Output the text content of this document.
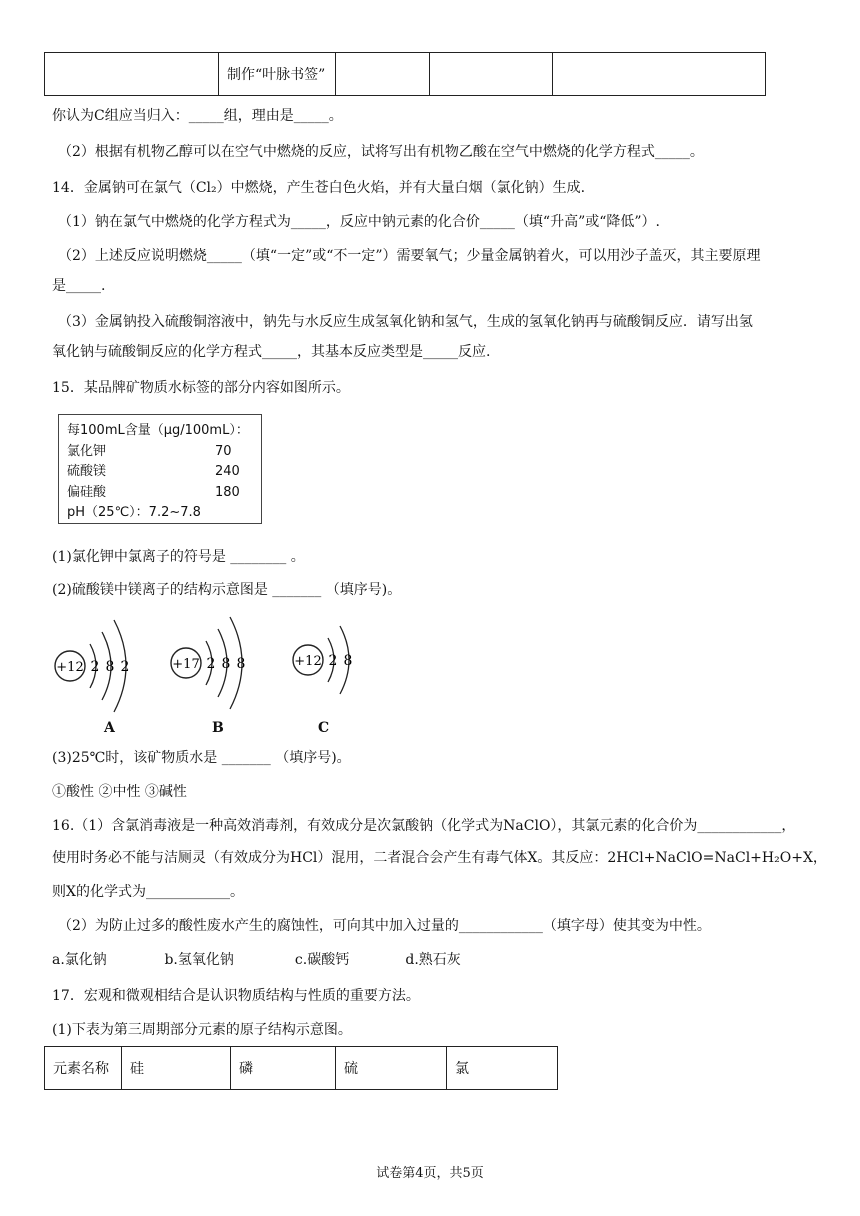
	制作“叶脉书签”			
你认为C组应当归入：_____组，理由是_____。
（2）根据有机物乙醇可以在空气中燃烧的反应，试将写出有机物乙酸在空气中燃烧的化学方程式_____。
14．金属钠可在氯气（Cl₂）中燃烧，产生苍白色火焰，并有大量白烟（氯化钠）生成.
（1）钠在氯气中燃烧的化学方程式为_____，反应中钠元素的化合价_____（填“升高”或“降低”）.
（2）上述反应说明燃烧_____（填“一定”或“不一定”）需要氧气；少量金属钠着火，可以用沙子盖灭，其主要原理
是_____.
（3）金属钠投入硫酸铜溶液中，钠先与水反应生成氢氧化钠和氢气，生成的氢氧化钠再与硫酸铜反应．请写出氢
氧化钠与硫酸铜反应的化学方程式_____，其基本反应类型是_____反应.
15．某品牌矿物质水标签的部分内容如图所示。
每100mL含量（μg/100mL）：
氯化钾	70
硫酸镁	240
偏硅酸	180
pH（25℃）：7.2~7.8
(1)氯化钾中氯离子的符号是 ________ 。
(2)硫酸镁中镁离子的结构示意图是 _______ （填序号)。
+12 2 8 2	+17 2 8 8	+12 2 8
A	B	C
(3)25℃时，该矿物质水是 _______ （填序号)。
①酸性 ②中性 ③碱性
16.（1）含氯消毒液是一种高效消毒剂，有效成分是次氯酸钠（化学式为NaClO），其氯元素的化合价为____________，
使用时务必不能与洁厕灵（有效成分为HCl）混用，二者混合会产生有毒气体X。其反应：2HCl+NaClO=NaCl+H₂O+X，
则X的化学式为____________。
（2）为防止过多的酸性废水产生的腐蚀性，可向其中加入过量的____________（填字母）使其变为中性。
a.氯化钠	b.氢氧化钠	c.碳酸钙	d.熟石灰
17．宏观和微观相结合是认识物质结构与性质的重要方法。
(1)下表为第三周期部分元素的原子结构示意图。
元素名称	硅	磷	硫	氯
试卷第4页，共5页
